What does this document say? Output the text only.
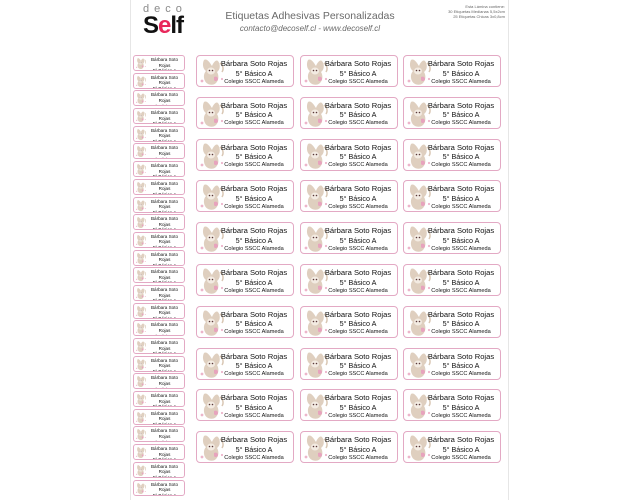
deco
Self	Etiquetas Adhesivas Personalizadas
contacto@decoself.cl - www.decoself.cl
Esta Lámina contiene:
30 Etiquetas Medianas 5,5x2cm
25 Etiquetas Chicas 3x0,8cm
Bárbara Soto Rojas
5° Básico A
Bárbara Soto Rojas
5° Básico A
Bárbara Soto Rojas
5° Básico A
Bárbara Soto Rojas
5° Básico A
Bárbara Soto Rojas
5° Básico A
Bárbara Soto Rojas
5° Básico A
Bárbara Soto Rojas
5° Básico A
Bárbara Soto Rojas
5° Básico A
Bárbara Soto Rojas
5° Básico A
Bárbara Soto Rojas
5° Básico A
Bárbara Soto Rojas
5° Básico A
Bárbara Soto Rojas
5° Básico A
Bárbara Soto Rojas
5° Básico A
Bárbara Soto Rojas
5° Básico A
Bárbara Soto Rojas
5° Básico A
Bárbara Soto Rojas
5° Básico A
Bárbara Soto Rojas
5° Básico A
Bárbara Soto Rojas
5° Básico A
Bárbara Soto Rojas
5° Básico A
Bárbara Soto Rojas
5° Básico A
Bárbara Soto Rojas
5° Básico A
Bárbara Soto Rojas
5° Básico A
Bárbara Soto Rojas
5° Básico A
Bárbara Soto Rojas
5° Básico A
Bárbara Soto Rojas
5° Básico A
Bárbara Soto Rojas
5° Básico A
Colegio SSCC Alameda
Bárbara Soto Rojas
5° Básico A
Colegio SSCC Alameda
Bárbara Soto Rojas
5° Básico A
Colegio SSCC Alameda
Bárbara Soto Rojas
5° Básico A
Colegio SSCC Alameda
Bárbara Soto Rojas
5° Básico A
Colegio SSCC Alameda
Bárbara Soto Rojas
5° Básico A
Colegio SSCC Alameda
Bárbara Soto Rojas
5° Básico A
Colegio SSCC Alameda
Bárbara Soto Rojas
5° Básico A
Colegio SSCC Alameda
Bárbara Soto Rojas
5° Básico A
Colegio SSCC Alameda
Bárbara Soto Rojas
5° Básico A
Colegio SSCC Alameda
Bárbara Soto Rojas
5° Básico A
Colegio SSCC Alameda
Bárbara Soto Rojas
5° Básico A
Colegio SSCC Alameda
Bárbara Soto Rojas
5° Básico A
Colegio SSCC Alameda
Bárbara Soto Rojas
5° Básico A
Colegio SSCC Alameda
Bárbara Soto Rojas
5° Básico A
Colegio SSCC Alameda
Bárbara Soto Rojas
5° Básico A
Colegio SSCC Alameda
Bárbara Soto Rojas
5° Básico A
Colegio SSCC Alameda
Bárbara Soto Rojas
5° Básico A
Colegio SSCC Alameda
Bárbara Soto Rojas
5° Básico A
Colegio SSCC Alameda
Bárbara Soto Rojas
5° Básico A
Colegio SSCC Alameda
Bárbara Soto Rojas
5° Básico A
Colegio SSCC Alameda
Bárbara Soto Rojas
5° Básico A
Colegio SSCC Alameda
Bárbara Soto Rojas
5° Básico A
Colegio SSCC Alameda
Bárbara Soto Rojas
5° Básico A
Colegio SSCC Alameda
Bárbara Soto Rojas
5° Básico A
Colegio SSCC Alameda
Bárbara Soto Rojas
5° Básico A
Colegio SSCC Alameda
Bárbara Soto Rojas
5° Básico A
Colegio SSCC Alameda
Bárbara Soto Rojas
5° Básico A
Colegio SSCC Alameda
Bárbara Soto Rojas
5° Básico A
Colegio SSCC Alameda
Bárbara Soto Rojas
5° Básico A
Colegio SSCC Alameda
